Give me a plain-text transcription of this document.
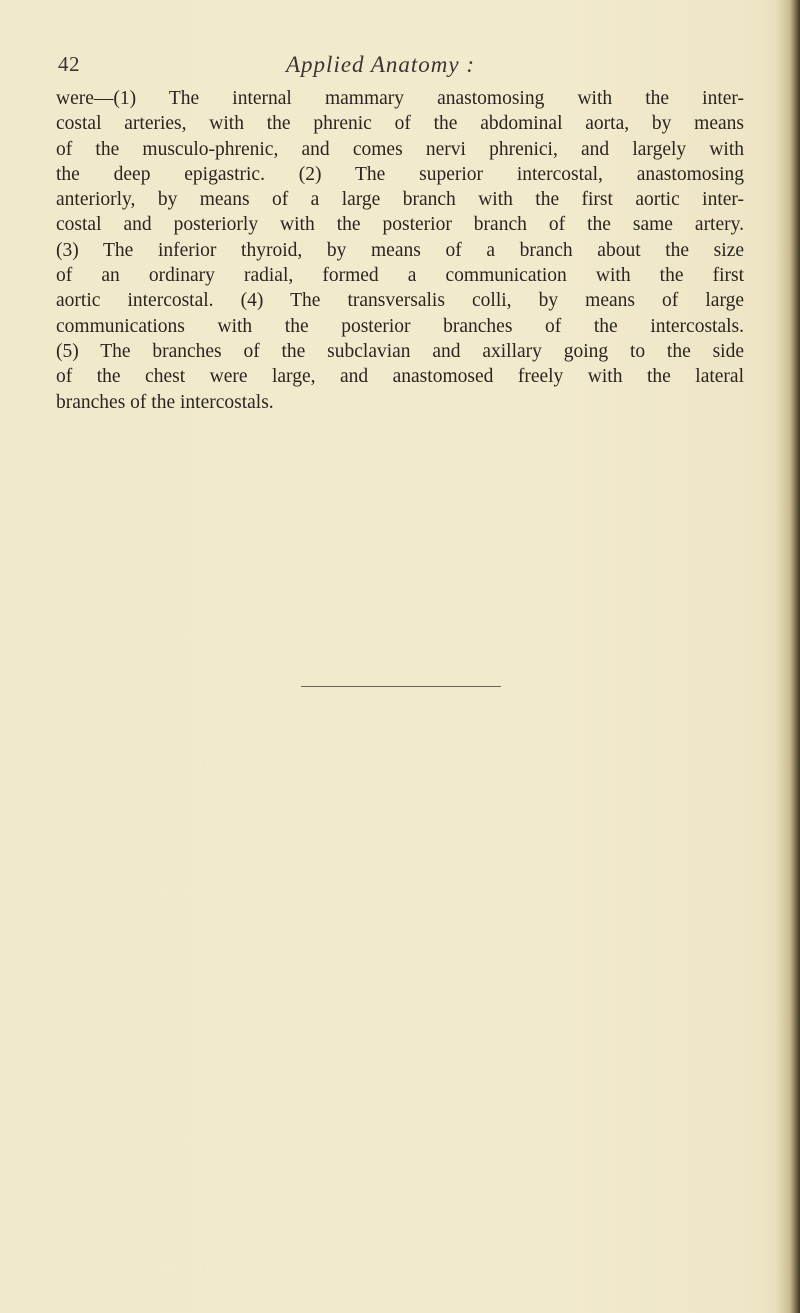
42	Applied Anatomy :
were—(1) The internal mammary anastomosing with the inter-
costal arteries, with the phrenic of the abdominal aorta, by means
of the musculo-phrenic, and comes nervi phrenici, and largely with
the deep epigastric. (2) The superior intercostal, anastomosing
anteriorly, by means of a large branch with the first aortic inter-
costal and posteriorly with the posterior branch of the same artery.
(3) The inferior thyroid, by means of a branch about the size
of an ordinary radial, formed a communication with the first
aortic intercostal. (4) The transversalis colli, by means of large
communications with the posterior branches of the intercostals.
(5) The branches of the subclavian and axillary going to the side
of the chest were large, and anastomosed freely with the lateral
branches of the intercostals.
